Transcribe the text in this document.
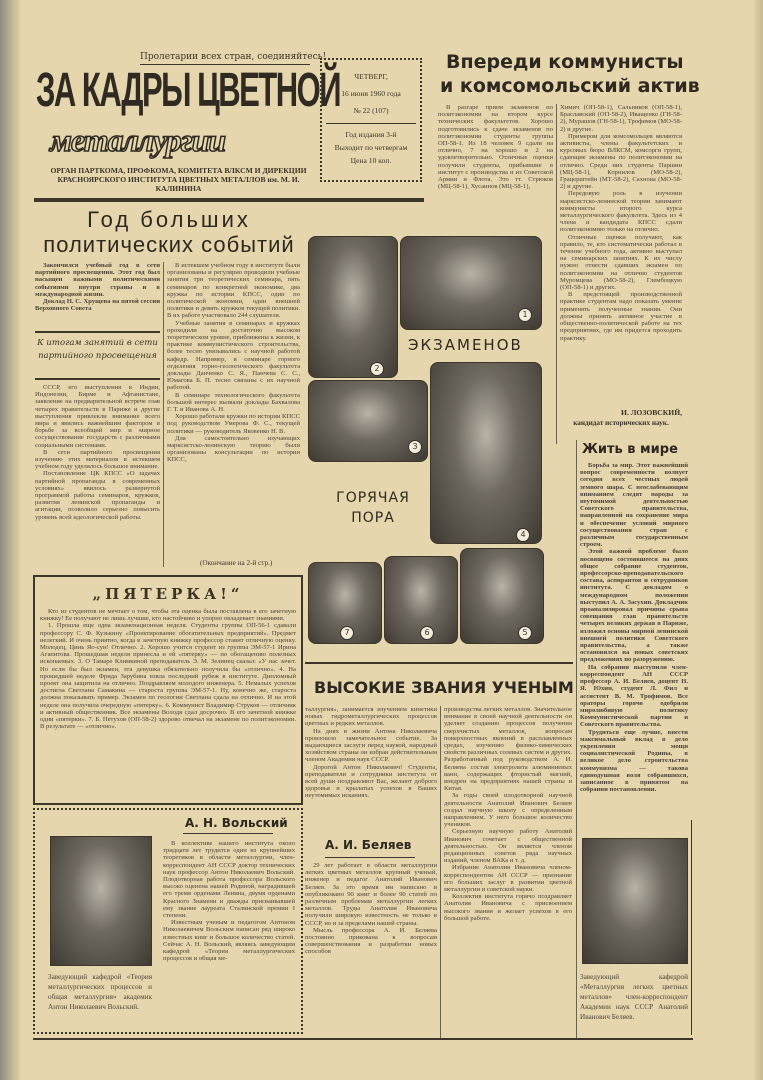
Пролетарии всех стран, соединяйтесь!
ЗА КАДРЫ ЦВЕТНОЙ
металлургии
ОРГАН ПАРТКОМА, ПРОФКОМА, КОМИТЕТА ВЛКСМ И ДИРЕКЦИИ КРАСНОЯРСКОГО ИНСТИТУТА ЦВЕТНЫХ МЕТАЛЛОВ им. М. И. КАЛИНИНА
ЧЕТВЕРГ,
16 июня 1960 года
№ 22 (107)
Год издания 3-й
Выходит по четвергам
Цена 10 коп.
Год больших
политических событий

Закончился учебный год в сети партийного просвещения. Этот год был насыщен важными политическими событиями внутри страны и в международной жизни.

Доклад Н. С. Хрущева на пятой сессии Верховного Совета

К итогам занятий в сети партийного просвещения

СССР, его выступления в Индии, Индонезии, Бирме и Афганистане, заявление на предварительной встрече глав четырех правительств в Париже и другие выступления привлекли внимание всего мира и явились важнейшим фактором в борьбе за всеобщий мир и мирное сосуществование государств с различными социальными системами.

В сети партийного просвещения изучению этих материалов в истекшем учебном году уделялось большое внимание.

Постановление ЦК КПСС «О задачах партийной пропаганды в современных условиях» явилось развернутой программой работы семинаров, кружков, развития ленинской пропаганды и агитации, позволило серьезно повысить уровень всей идеологической работы.

В истекшем учебном году в институте были организованы и регулярно проводили учебные занятия три теоретических семинара, пять семинаров по конкретной экономике, два кружка по истории КПСС, один по политической экономии, один внешней политики и девять кружков текущей политики. В их работе участвовало 244 слушателя.

Учебные занятия в семинарах и кружках проходили на достаточно высоком теоретическом уровне, приближены к жизни, к практике коммунистического строительства, более тесно увязывались с научной работой кафедр. Например, в семинаре горного отделения горно-геологического факультета доклады Данченко С. Я., Панчева С. С., Юмагова Б. П. тесно связаны с их научной работой.

В семинаре технологического факультета большой интерес вызвали доклады Бахвалова Г. Т. и Иванова А. Н.

Хорошо работали кружки по истории КПСС под руководством Умерова Ф. С., текущей политики — руководитель Яковенко Н. В.

Для самостоятельно изучающих марксистско-ленинскую теорию были организованы консультации по истории КПСС,

(Окончание на 2-й стр.)
Впереди коммунисты
и комсомольский актив

В разгаре прием экзаменов по политэкономии на втором курсе технических факультетов. Хорошо подготовились к сдаче экзаменов по политэкономии студенты группы ОП-58-1. Из 18 человек 9 сдали на отлично, 7 на хорошо и 2 на удовлетворительно. Отличные оценки получили студенты, прибывшие в институт с производства и из Советской Армии и Флота. Это тт. Стрюков (МЦ-58-1), Хусаинов (МЦ-58-1),

Химич (ОП-58-1), Сальников (ОП-58-1), Браславский (ОП-58-2), Иващенко (ГН-58-2), Мурашов (ГН-58-1), Трофимов (МО-58-2) и другие.

Примером для комсомольцев являются активисты, члены факультетских и курсовых бюро ВЛКСМ, комсорги групп, сдающие экзамены по политэкономии на отлично. Среди них студенты Паршин (МЦ-58-1), Корнилов (МО-58-2), Грацерштейн (МТ-58-2), Сахнова (МО-58-2) и другие.

Передовую роль в изучении марксистско-ленинской теории занимают коммунисты второго курса металлургического факультета. Здесь из 4 члена и кандидата КПСС сдали политэкономию только на отлично.

Отличные оценки получают, как правило, те, кто систематически работал в течение учебного года, активно выступал на семинарских занятиях. К их числу нужно отнести сдавших экзамен по политэкономии на отлично студентов Муромцева (МО-58-2), Глембоцкую (ОП-58-1) и других.

В предстоящей производственной практике студентам надо показать умение применять полученные знания. Они должны принять активное участие в общественно-политической работе на тех предприятиях, где им придется проходить практику.

И. ЛОЗОВСКИЙ,
кандидат исторических наук.
ЭКЗАМЕНОВ
ГОРЯЧАЯ ПОРА
1
2
3
4
5
6
7
Жить в мире

Борьба за мир. Этот важнейший вопрос современности волнует сегодня всех честных людей земного шара. С неослабевающим вниманием следят народы за неутомимой деятельностью Советского правительства, направленной на сохранение мира и обеспечение условий мирного сосуществования стран с различным государственным строем.

Этой важной проблеме было посвящено состоявшееся на днях общее собрание студентов, профессорско-преподавательского состава, аспирантов и сотрудников института. С докладом о международном положении выступил А. А. Засухин. Докладчик проанализировал причины срыва совещания глав правительств четырех великих держав в Париже, изложил основы мирной ленинской внешней политики Советского правительства, а также остановился на новых советских предложениях по разоружению.

На собрании выступили член-корреспондент АН СССР профессор А. И. Беляев, доцент Н. Я. Юхин, студент Л. Фил и ассистент В. М. Трофимов. Все ораторы горячо одобряли миролюбивую политику Коммунистической партии и Советского правительства.

Трудиться еще лучше, внести максимальный вклад в дело укрепления мощи социалистической Родины, в великое дело строительства коммунизма — такова единодушная воля собравшихся, записанное в принятом на собрании постановлении.

„ПЯТЕРКА!“

Кто из студентов не мечтает о том, чтобы эта оценка была поставлена в его зачетную книжку! Ее получают не лишь лучшие, кто настойчиво и упорно овладевает знаниями.

1. Прошла еще одна экзаменационная неделя. Студенты группы ОП-56-1 сдавали профессору С. Ф. Кузькину «Проектирование обогатительных предприятий». Предмет нелегкий. И очень приятно, когда в зачетную книжку профессор ставит отличную оценку. Молодец, Цинь Яо-сун! Отлично. 2. Хорошо учится студент из группы ЭМ-57-1 Ирина Агапитова. Прошедшая неделя принесла и ей «пятерку» — по обогащению полезных ископаемых. 3. О Тамаре Климкиной преподаватель Э. М. Зелинец сказал: «У нас зачет. Но если бы был экзамен, эта девушка обязательно получила бы «отлично». 4. На прошедшей неделе Фрида Зарубина взяла последний рубеж в институте. Дипломный проект она защитила на отлично. Поздравляем молодого инженера. 5. Немалых успехов достигла Светлана Самакина — староста группы ЭМ-57-1. Ну, конечно же, староста должна показывать пример. Экзамен по геологии Светлана сдала на отлично. И на этой неделе она получила очередную «пятерку». 6. Коммунист Владимир Струков — отличник и активный общественник. Все экзамены Володя сдал досрочно. В его зачетной книжке одни «пятерки». 7. Б. Петухов (ОП-58-2) здорово отвечал на экзамене по политэкономии. В результате — «отлично».

ВЫСОКИЕ ЗВАНИЯ УЧЕНЫМ

таллургия», занимается изучением кинетики новых гидрометаллургических процессов цветных и редких металлов.

На днях в жизни Антона Николаевича произошло замечательное событие. За выдающиеся заслуги перед наукой, народный хозяйством страны он избран действительным членом Академии наук СССР.

Дорогой Антон Николаевич! Студенты, преподаватели и сотрудники института от всей души поздравляют Вас, желают доброго здоровья и крылатых успехов в Ваших неутомимых исканиях.

А. И. Беляев

29 лет работает в области металлургии легких цветных металлов крупный ученый, инженер и педагог Анатолий Иванович Беляев. За это время им написано и опубликовано 90 книг и более 90 статей по различным проблемам металлургии легких металлов. Труды Анатолия Ивановича получили широкую известность не только в СССР, но и за пределами нашей страны.

Мысль профессора А. И. Беляева постоянно прикована к вопросам совершенствования и разработки новых способов

производства легких металлов. Значительное внимание в своей научной деятельности он уделяет созданию процессов получения сверхчистых металлов, вопросам поверхностных явлений в расплавленных средах, изучению физико-химических свойств различных солевых систем и других. Разработанный под руководством А. И. Беляева состав электролита алюминиевых ванн, содержащих фтористый магний, внедрен на предприятиях нашей страны и Китая.

За годы своей плодотворной научной деятельности Анатолий Иванович Беляев создал научную школу с определенным направлением. У него большое количество учеников.

Серьезную научную работу Анатолий Иванович сочетает с общественной деятельностью. Он является членом редакционных советов ряда научных изданий, членом ВАКа и т. д.

Избрание Анатолия Ивановича членом-корреспондентом АН СССР — признание его больших заслуг в развитии цветной металлургии и советской науки.

Коллектив института горячо поздравляет Анатолия Ивановича с присвоением высокого звания и желает успехов в его большой работе.

А. Н. Вольский
Заведующий кафедрой «Теория металлургических процессов и общая металлургия» академик Антон Николаевич Вольский.

В коллективе нашего института около тридцати лет трудится один из крупнейших теоретиков в области металлургии, член-корреспондент АН СССР доктор технических наук профессор Антон Николаевич Вольский. Плодотворная работа профессора Вольского высоко оценена нашей Родиной, наградившей его тремя орденами Ленина, двумя орденами Красного Знамени и дважды присваивавшей ему звание лауреата Сталинской премии I степени.

Известным ученым и педагогом Антоном Николаевичем Вольским написан ряд широко известных книг и большое количество статей. Сейчас А. Н. Вольский, являясь заведующим кафедрой «Теория металлургических процессов и общая ме-

Заведующий кафедрой «Металлургия легких цветных металлов» член-корреспондент Академии наук СССР Анатолий Иванович Беляев.
